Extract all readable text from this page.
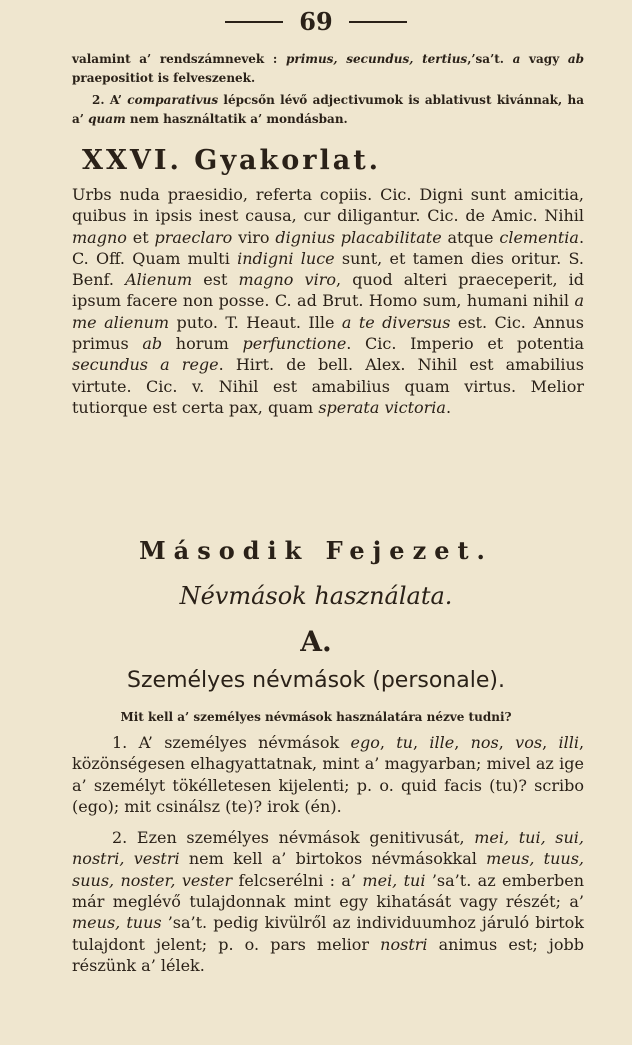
69

valamint a’ rendszámnevek : primus, secundus, tertius,’sa’t. a vagy ab praepositiot is felveszenek.

2. A’ comparativus lépcsőn lévő adjectivumok is ablativust kivánnak, ha a’ quam nem használtatik a’ mondásban.

XXVI. Gyakorlat.

Urbs nuda praesidio, referta copiis. Cic. Digni sunt amicitia, quibus in ipsis inest causa, cur diligantur. Cic. de Amic. Nihil magno et praeclaro viro dignius placabilitate atque clementia. C. Off. Quam multi indigni luce sunt, et tamen dies oritur. S. Benf. Alienum est magno viro, quod alteri praeceperit, id ipsum facere non posse. C. ad Brut. Homo sum, humani nihil a me alienum puto. T. Heaut. Ille a te diversus est. Cic. Annus primus ab horum perfunctione. Cic. Imperio et potentia secundus a rege. Hirt. de bell. Alex. Nihil est amabilius virtute. Cic. v. Nihil est amabilius quam virtus. Melior tutiorque est certa pax, quam sperata victoria.

Második Fejezet.
Névmások használata.
A.
Személyes névmások (personale).
Mit kell a’ személyes névmások használatára nézve tudni?

1. A’ személyes névmások ego, tu, ille, nos, vos, illi, közönségesen elhagyattatnak, mint a’ magyarban; mivel az ige a’ személyt tökélletesen kijelenti; p. o. quid facis (tu)? scribo (ego); mit csinálsz (te)? irok (én).

2. Ezen személyes névmások genitivusát, mei, tui, sui, nostri, vestri nem kell a’ birtokos névmásokkal meus, tuus, suus, noster, vester felcserélni : a’ mei, tui ’sa’t. az emberben már meglévő tulajdonnak mint egy kihatását vagy részét; a’ meus, tuus ’sa’t. pedig kivülről az individuumhoz járuló birtok tulajdont jelent; p. o. pars melior nostri animus est; jobb részünk a’ lélek.
